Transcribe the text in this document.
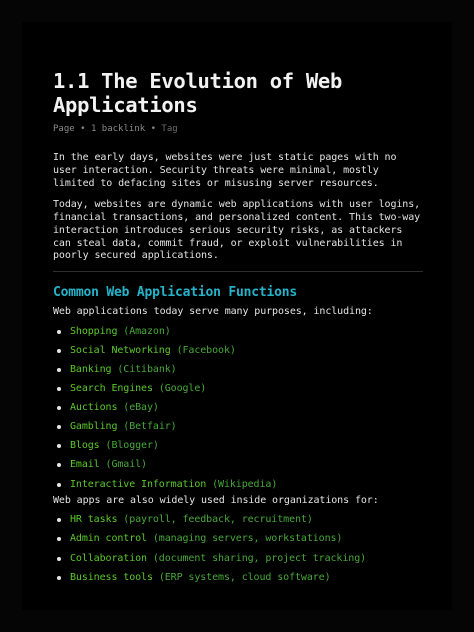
1.1 The Evolution of Web Applications
Page • 1 backlink • Tag

In the early days, websites were just static pages with no user interaction. Security threats were minimal, mostly limited to defacing sites or misusing server resources.

Today, websites are dynamic web applications with user logins, financial transactions, and personalized content. This two-way interaction introduces serious security risks, as attackers can steal data, commit fraud, or exploit vulnerabilities in poorly secured applications.

Common Web Application Functions

Web applications today serve many purposes, including:

Shopping (Amazon)
Social Networking (Facebook)
Banking (Citibank)
Search Engines (Google)
Auctions (eBay)
Gambling (Betfair)
Blogs (Blogger)
Email (Gmail)
Interactive Information (Wikipedia)

Web apps are also widely used inside organizations for:

HR tasks (payroll, feedback, recruitment)
Admin control (managing servers, workstations)
Collaboration (document sharing, project tracking)
Business tools (ERP systems, cloud software)
